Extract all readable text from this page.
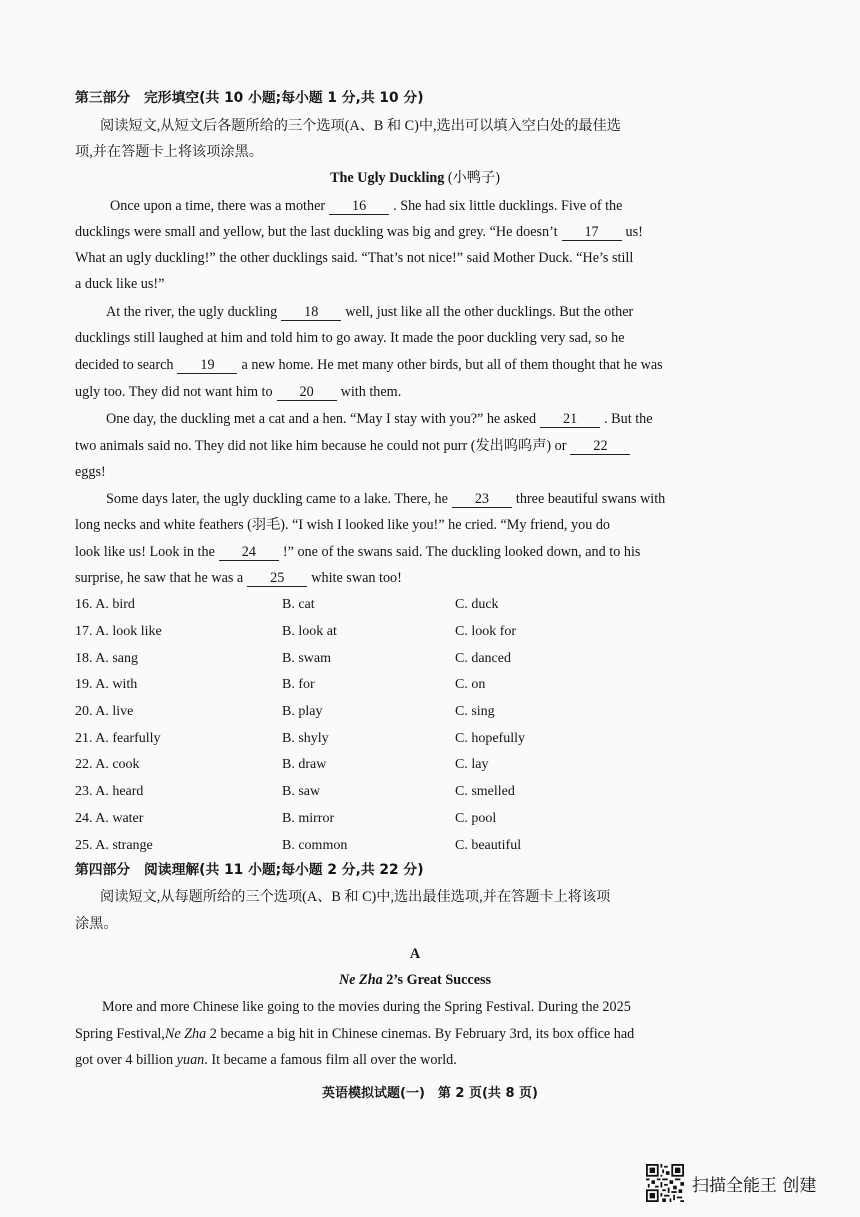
第三部分　完形填空(共 10 小题;每小题 1 分,共 10 分)
阅读短文,从短文后各题所给的三个选项(A、B 和 C)中,选出可以填入空白处的最佳选
项,并在答题卡上将该项涂黑。
The Ugly Duckling (小鸭子)
Once upon a time, there was a mother 16 . She had six little ducklings. Five of the
ducklings were small and yellow, but the last duckling was big and grey. “He doesn’t 17 us!
What an ugly duckling!” the other ducklings said. “That’s not nice!” said Mother Duck. “He’s still
a duck like us!”
At the river, the ugly duckling 18 well, just like all the other ducklings. But the other
ducklings still laughed at him and told him to go away. It made the poor duckling very sad, so he
decided to search 19 a new home. He met many other birds, but all of them thought that he was
ugly too. They did not want him to 20 with them.
One day, the duckling met a cat and a hen. “May I stay with you?” he asked 21 . But the
two animals said no. They did not like him because he could not purr (发出呜呜声) or 22
eggs!
Some days later, the ugly duckling came to a lake. There, he 23 three beautiful swans with
long necks and white feathers (羽毛). “I wish I looked like you!” he cried. “My friend, you do
look like us! Look in the 24 !” one of the swans said. The duckling looked down, and to his
surprise, he saw that he was a 25 white swan too!
16. A. bird	B. cat	C. duck
17. A. look like	B. look at	C. look for
18. A. sang	B. swam	C. danced
19. A. with	B. for	C. on
20. A. live	B. play	C. sing
21. A. fearfully	B. shyly	C. hopefully
22. A. cook	B. draw	C. lay
23. A. heard	B. saw	C. smelled
24. A. water	B. mirror	C. pool
25. A. strange	B. common	C. beautiful
第四部分　阅读理解(共 11 小题;每小题 2 分,共 22 分)
阅读短文,从每题所给的三个选项(A、B 和 C)中,选出最佳选项,并在答题卡上将该项
涂黑。
A
Ne Zha 2’s Great Success
More and more Chinese like going to the movies during the Spring Festival. During the 2025
Spring Festival,Ne Zha 2 became a big hit in Chinese cinemas. By February 3rd, its box office had
got over 4 billion yuan. It became a famous film all over the world.
英语模拟试题(一)　第 2 页(共 8 页)
扫描全能王 创建
